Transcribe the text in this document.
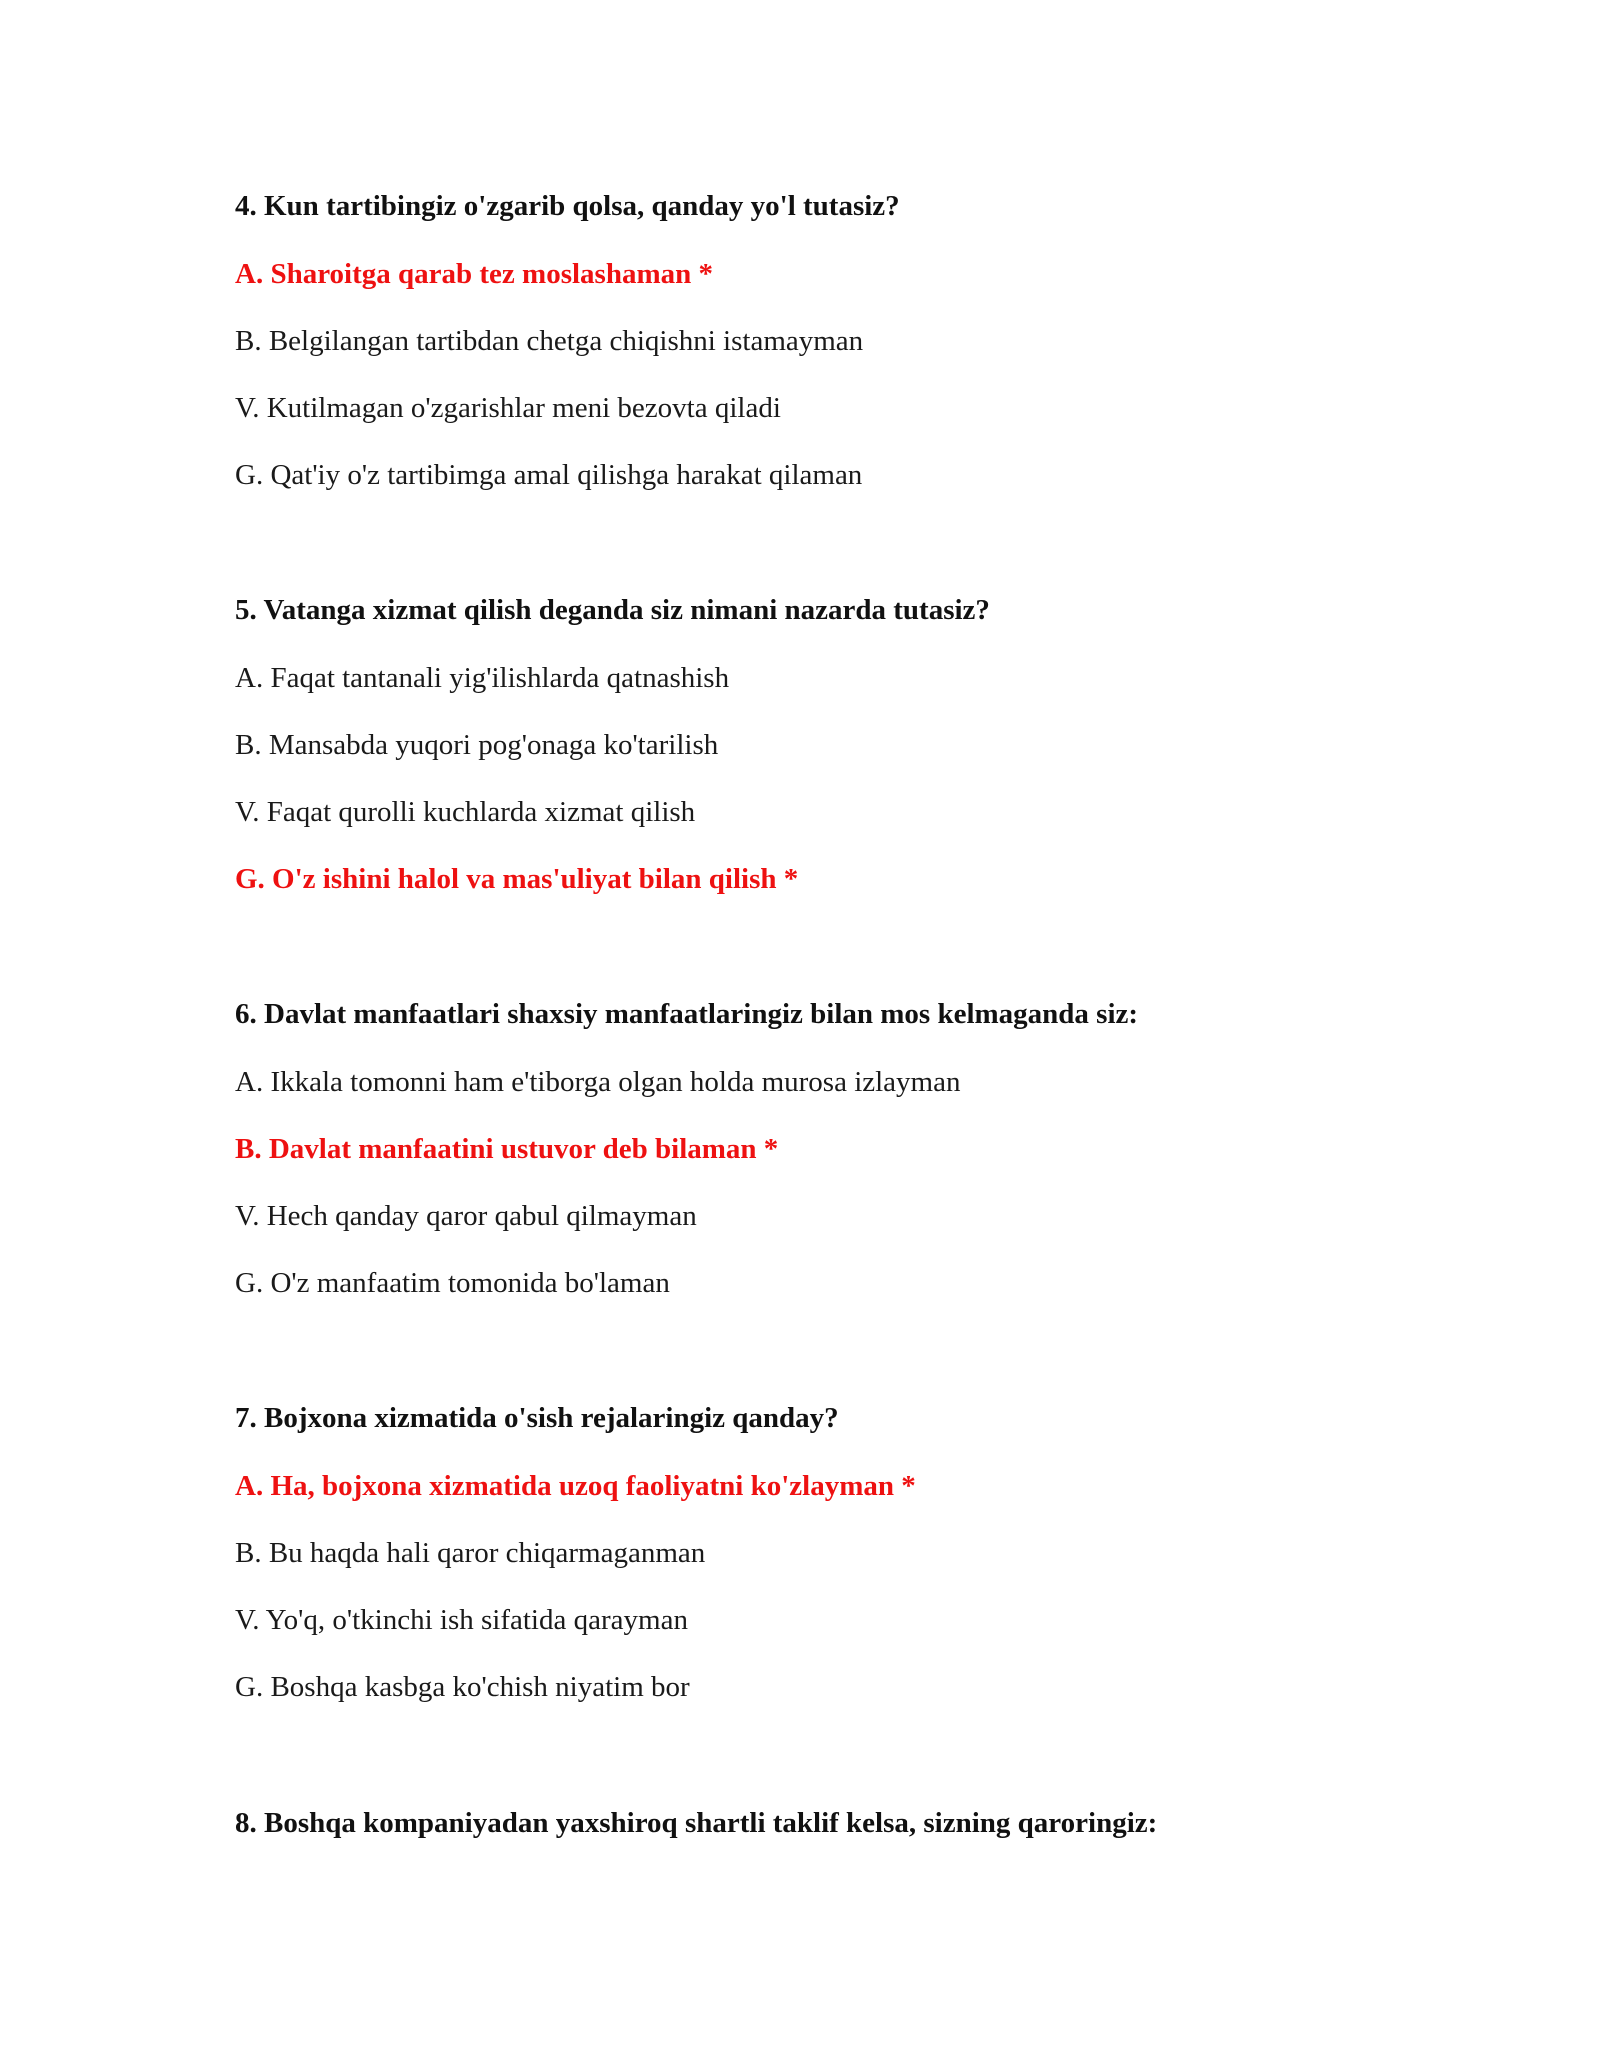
4. Kun tartibingiz o'zgarib qolsa, qanday yo'l tutasiz?
A. Sharoitga qarab tez moslashaman *
B. Belgilangan tartibdan chetga chiqishni istamayman
V. Kutilmagan o'zgarishlar meni bezovta qiladi
G. Qat'iy o'z tartibimga amal qilishga harakat qilaman
5. Vatanga xizmat qilish deganda siz nimani nazarda tutasiz?
A. Faqat tantanali yig'ilishlarda qatnashish
B. Mansabda yuqori pog'onaga ko'tarilish
V. Faqat qurolli kuchlarda xizmat qilish
G. O'z ishini halol va mas'uliyat bilan qilish *
6. Davlat manfaatlari shaxsiy manfaatlaringiz bilan mos kelmaganda siz:
A. Ikkala tomonni ham e'tiborga olgan holda murosa izlayman
B. Davlat manfaatini ustuvor deb bilaman *
V. Hech qanday qaror qabul qilmayman
G. O'z manfaatim tomonida bo'laman
7. Bojxona xizmatida o'sish rejalaringiz qanday?
A. Ha, bojxona xizmatida uzoq faoliyatni ko'zlayman *
B. Bu haqda hali qaror chiqarmaganman
V. Yo'q, o'tkinchi ish sifatida qarayman
G. Boshqa kasbga ko'chish niyatim bor
8. Boshqa kompaniyadan yaxshiroq shartli taklif kelsa, sizning qaroringiz:
